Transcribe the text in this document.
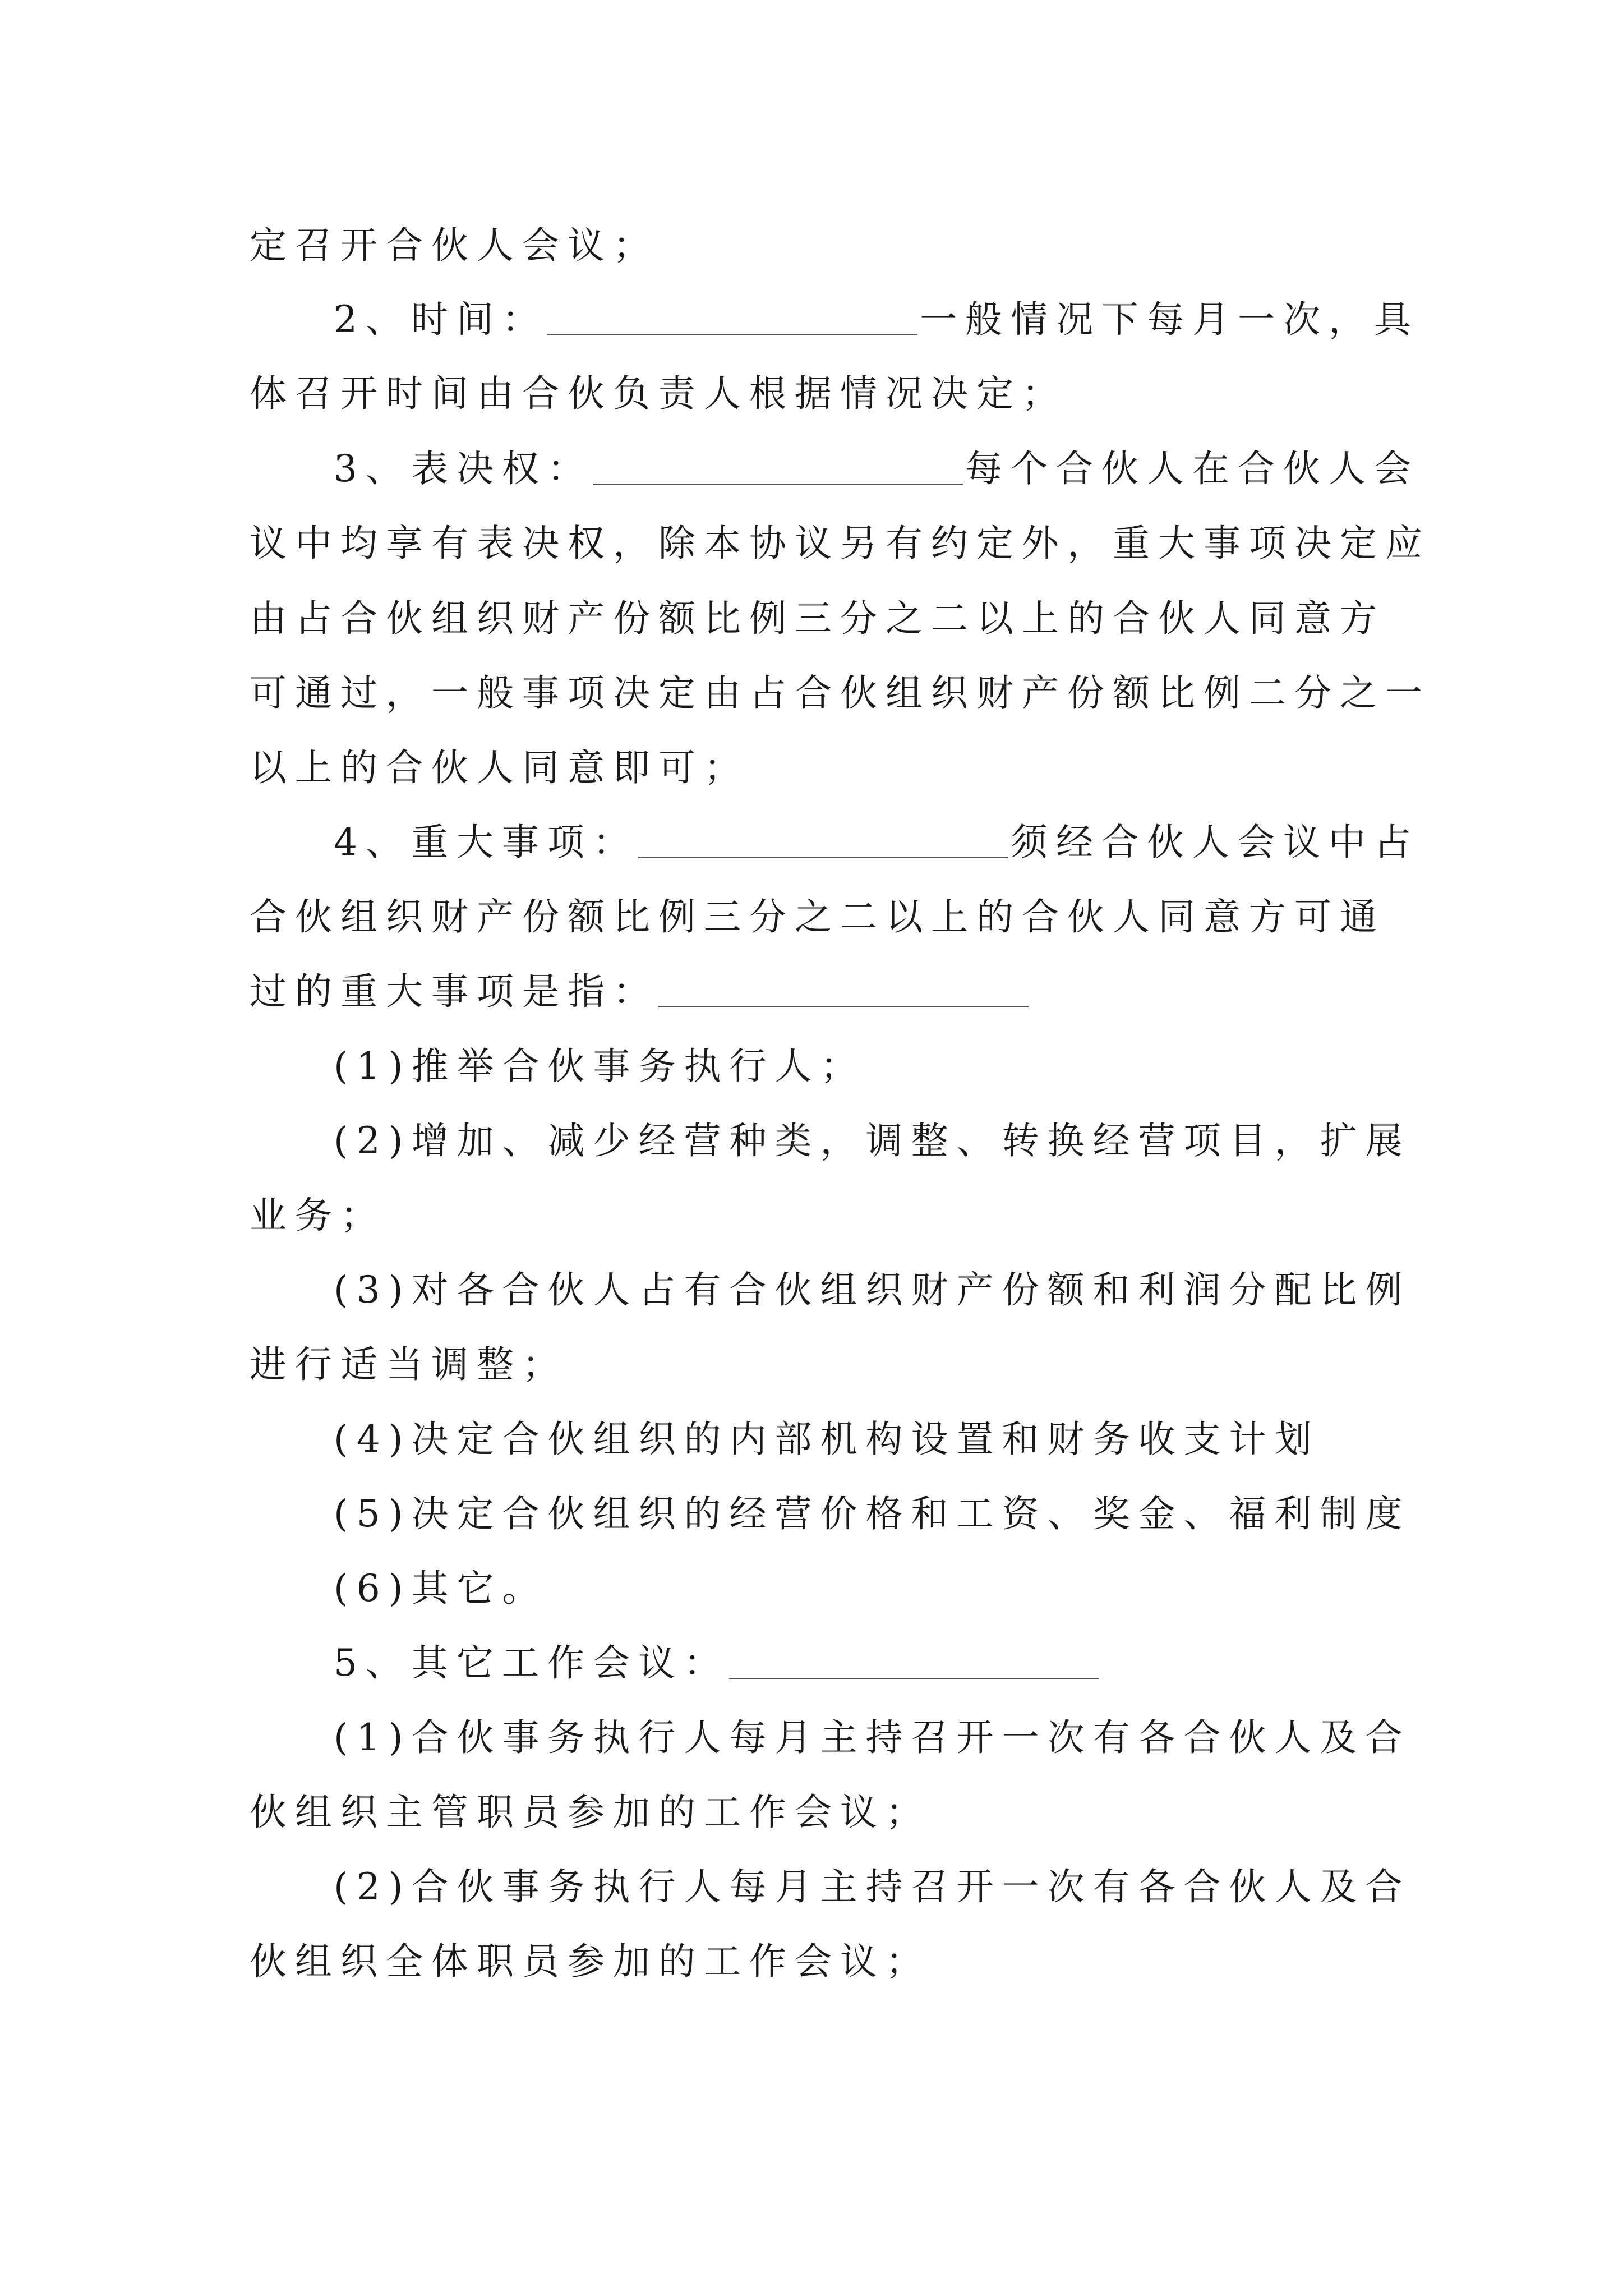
定召开合伙人会议；
2、时间：	一般情况下每月一次，具
体召开时间由合伙负责人根据情况决定；
3、表决权：	每个合伙人在合伙人会
议中均享有表决权，除本协议另有约定外，重大事项决定应
由占合伙组织财产份额比例三分之二以上的合伙人同意方
可通过，一般事项决定由占合伙组织财产份额比例二分之一
以上的合伙人同意即可；
4、重大事项：	须经合伙人会议中占
合伙组织财产份额比例三分之二以上的合伙人同意方可通
过的重大事项是指：
(1)推举合伙事务执行人；
(2)增加、减少经营种类，调整、转换经营项目，扩展
业务；
(3)对各合伙人占有合伙组织财产份额和利润分配比例
进行适当调整；
(4)决定合伙组织的内部机构设置和财务收支计划
(5)决定合伙组织的经营价格和工资、奖金、福利制度
(6)其它。
5、其它工作会议：
(1)合伙事务执行人每月主持召开一次有各合伙人及合
伙组织主管职员参加的工作会议；
(2)合伙事务执行人每月主持召开一次有各合伙人及合
伙组织全体职员参加的工作会议；
